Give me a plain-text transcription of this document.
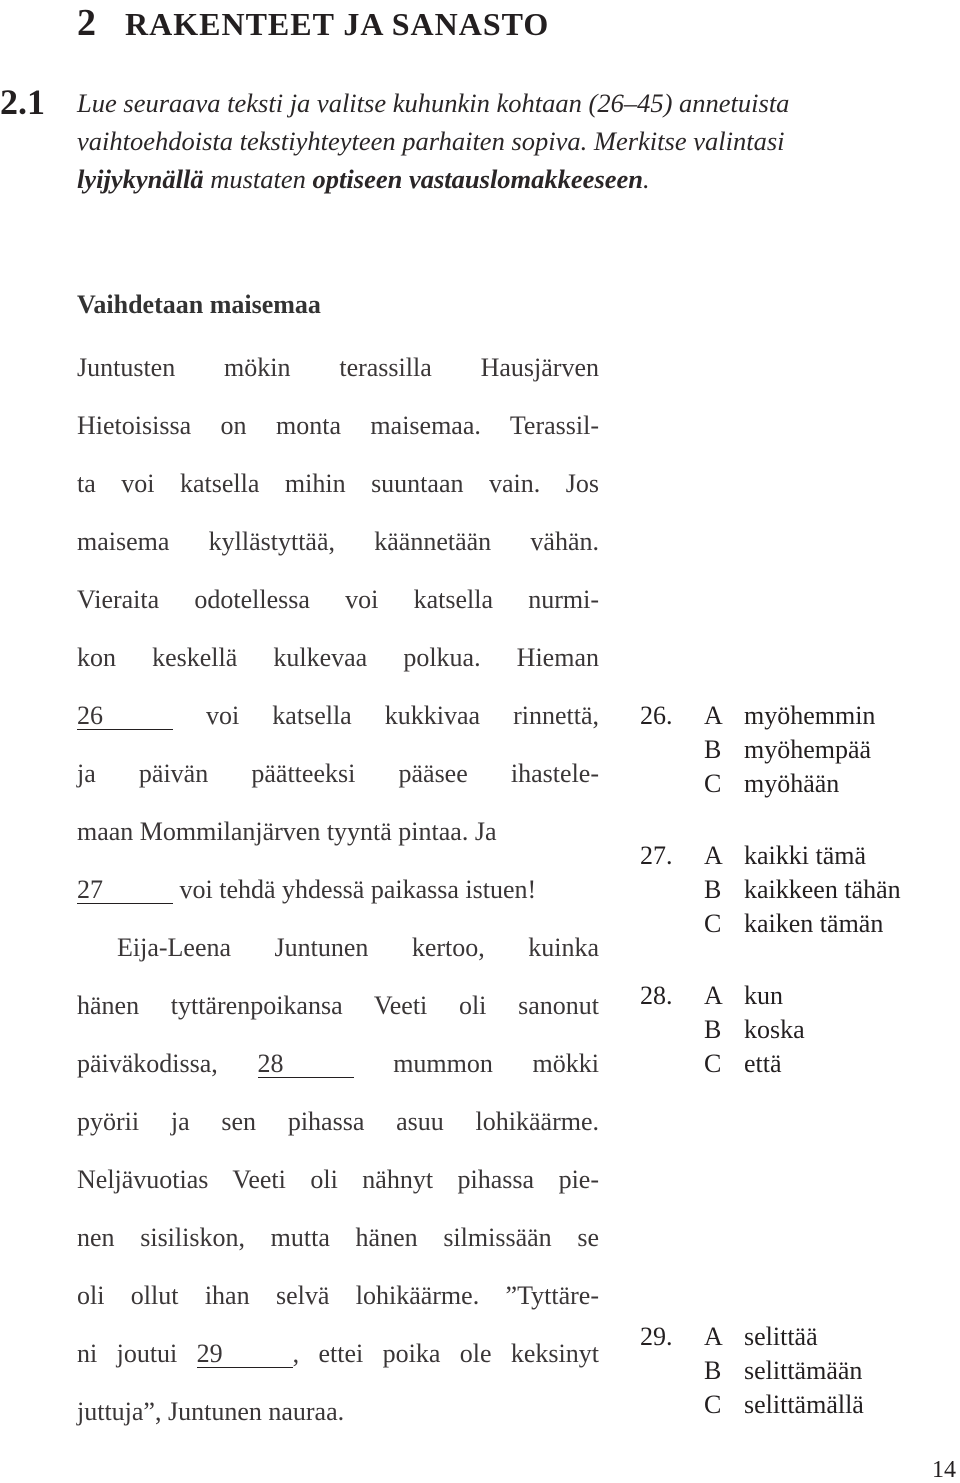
2 RAKENTEET JA SANASTO
2.1 Lue seuraava teksti ja valitse kuhunkin kohtaan (26–45) annetuista
vaihtoehdoista tekstiyhteyteen parhaiten sopiva. Merkitse valintasi
lyijykynällä mustaten optiseen vastauslomakkeeseen.
Vaihdetaan maisemaa
Juntusten mökin terassilla Hausjärven
Hietoisissa on monta maisemaa. Terassil-
ta voi katsella mihin suuntaan vain. Jos
maisema kyllästyttää, käännetään vähän.
Vieraita odotellessa voi katsella nurmi-
kon keskellä kulkevaa polkua. Hieman
26	voi katsella kukkivaa rinnettä,
ja päivän päätteeksi pääsee ihastele-
maan Mommilanjärven tyyntä pintaa. Ja
27	voi tehdä yhdessä paikassa istuen!
Eija-Leena Juntunen kertoo, kuinka
hänen tyttärenpoikansa Veeti oli sanonut
päiväkodissa, 28	mummon mökki
pyörii ja sen pihassa asuu lohikäärme.
Neljävuotias Veeti oli nähnyt pihassa pie-
nen sisiliskon, mutta hänen silmissään se
oli ollut ihan selvä lohikäärme. ”Tyttäre-
ni joutui 29	, ettei poika ole keksinyt
juttuja”, Juntunen nauraa.
26.	A myöhemmin
B myöhempää
C myöhään
27.	A kaikki tämä
B kaikkeen tähän
C kaiken tämän
28.	A kun
B koska
C että
29.	A selittää
B selittämään
C selittämällä
14
